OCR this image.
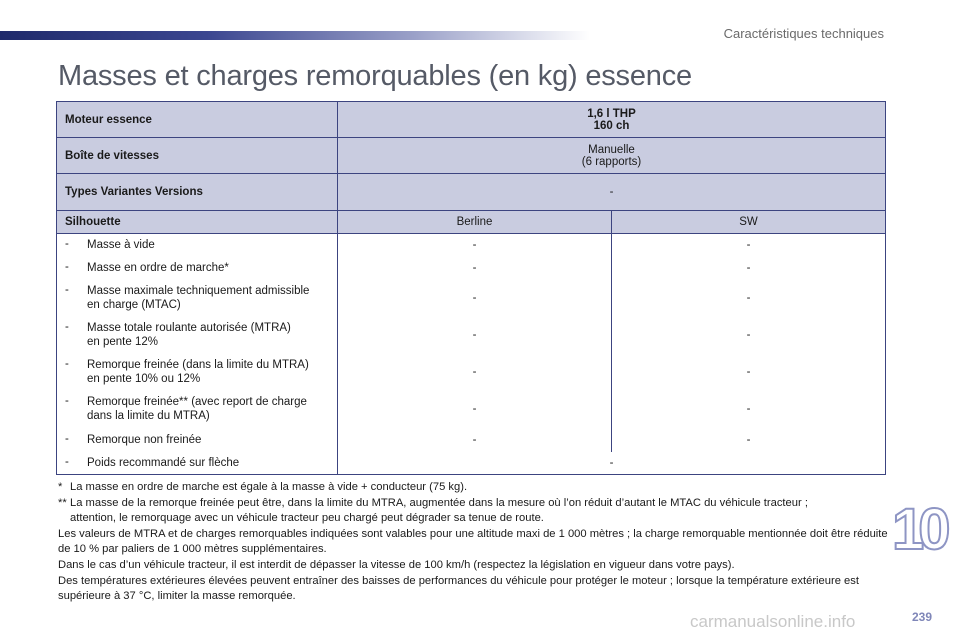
Caractéristiques techniques
Masses et charges remorquables (en kg) essence
Moteur essence	1,6 l THP
160 ch	

Boîte de vitesses	Manuelle
(6 rapports)	

Types Variantes Versions	-	
Silhouette	Berline	SW

- Masse à vide	-	-

- Masse en ordre de marche*	-	-

- Masse maximale techniquement admissible
en charge (MTAC)	-	-

- Masse totale roulante autorisée (MTRA)
en pente 12%	-	-

- Remorque freinée (dans la limite du MTRA)
en pente 10% ou 12%	-	-

- Remorque freinée** (avec report de charge
dans la limite du MTRA)	-	-

- Remorque non freinée	-	-

- Poids recommandé sur flèche	-	
* La masse en ordre de marche est égale à la masse à vide + conducteur (75 kg).
** La masse de la remorque freinée peut être, dans la limite du MTRA, augmentée dans la mesure où l’on réduit d’autant le MTAC du véhicule tracteur ;

attention, le remorquage avec un véhicule tracteur peu chargé peut dégrader sa tenue de route.

Les valeurs de MTRA et de charges remorquables indiquées sont valables pour une altitude maxi de 1 000 mètres ; la charge remorquable mentionnée doit être réduite de 10 % par paliers de 1 000 mètres supplémentaires.

Dans le cas d’un véhicule tracteur, il est interdit de dépasser la vitesse de 100 km/h (respectez la législation en vigueur dans votre pays).

Des températures extérieures élevées peuvent entraîner des baisses de performances du véhicule pour protéger le moteur ; lorsque la température extérieure est supérieure à 37 °C, limiter la masse remorquée.

10
carmanualsonline.info	239
